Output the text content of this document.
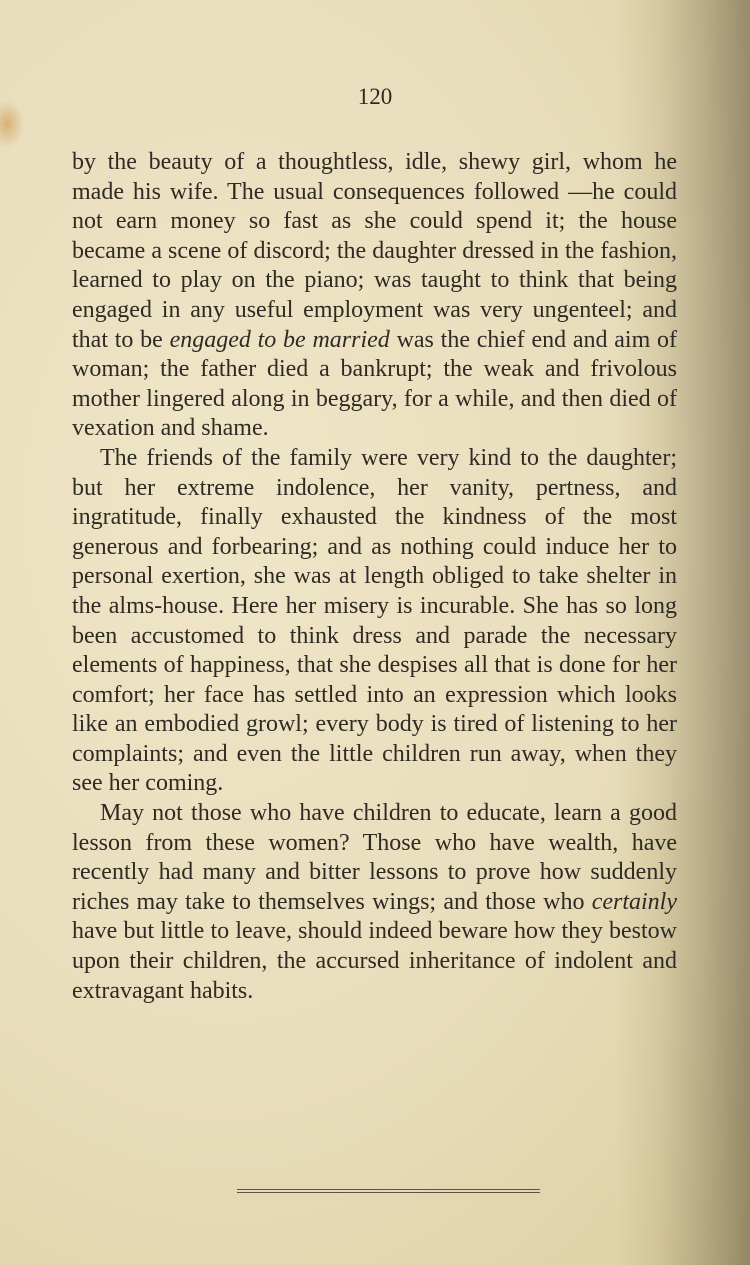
120

by the beauty of a thoughtless, idle, shewy girl, whom he made his wife. The usual consequences followed —he could not earn money so fast as she could spend it; the house became a scene of discord; the daughter dressed in the fashion, learned to play on the piano; was taught to think that being engaged in any useful employment was very ungenteel; and that to be engaged to be married was the chief end and aim of woman; the father died a bankrupt; the weak and frivolous mother lingered along in beggary, for a while, and then died of vexation and shame.

The friends of the family were very kind to the daughter; but her extreme indolence, her vanity, pertness, and ingratitude, finally exhausted the kindness of the most generous and forbearing; and as nothing could induce her to personal exertion, she was at length obliged to take shelter in the alms-house. Here her misery is incurable. She has so long been accustomed to think dress and parade the necessary elements of happiness, that she despises all that is done for her comfort; her face has settled into an expression which looks like an embodied growl; every body is tired of listening to her complaints; and even the little children run away, when they see her coming.

May not those who have children to educate, learn a good lesson from these women? Those who have wealth, have recently had many and bitter lessons to prove how suddenly riches may take to themselves wings; and those who certainly have but little to leave, should indeed beware how they bestow upon their children, the accursed inheritance of indolent and extravagant habits.
